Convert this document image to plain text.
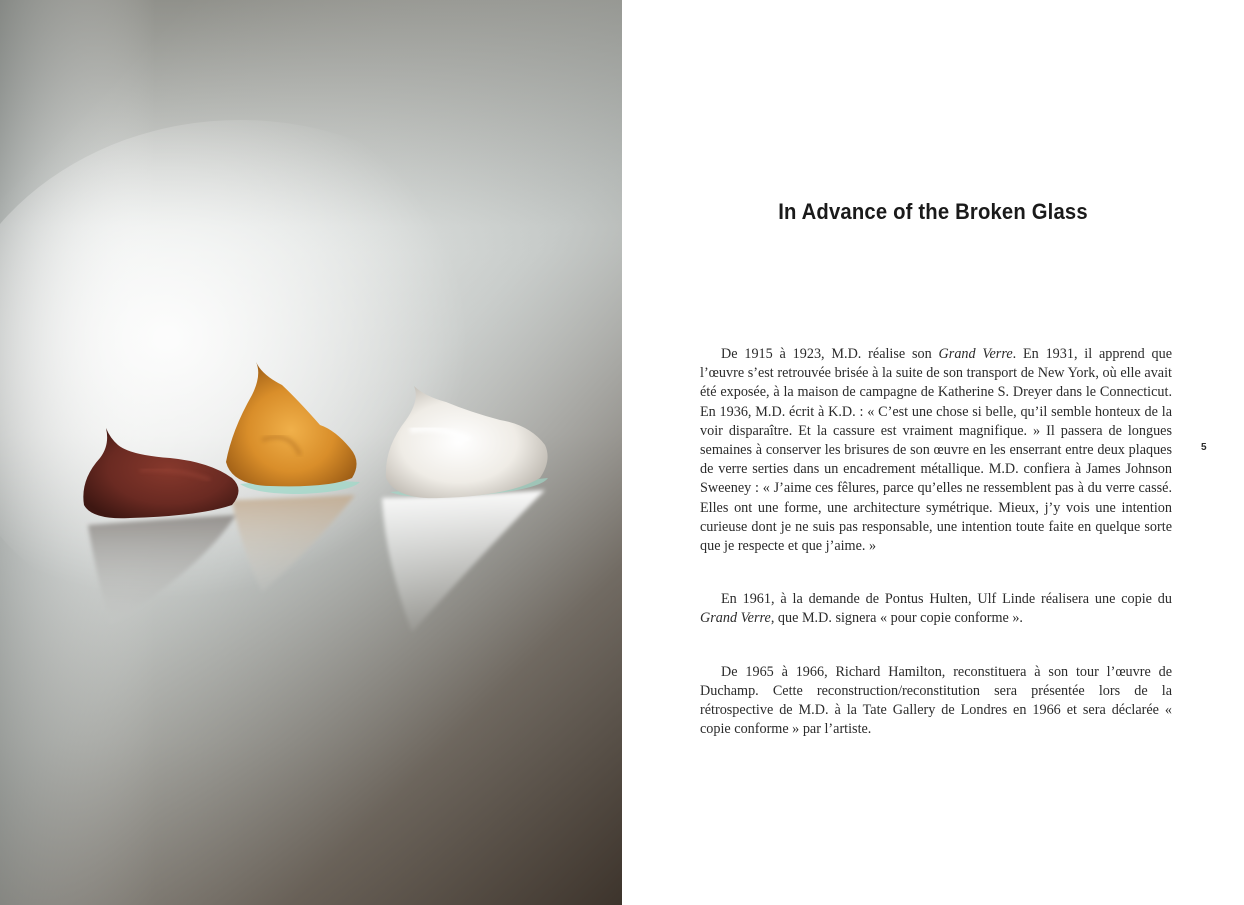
In Advance of the Broken Glass

De 1915 à 1923, M.D. réalise son Grand Verre. En 1931, il apprend que l’œuvre s’est retrouvée brisée à la suite de son transport de New York, où elle avait été exposée, à la maison de campagne de Katherine S. Dreyer dans le Connecticut. En 1936, M.D. écrit à K.D. : « C’est une chose si belle, qu’il semble honteux de la voir disparaître. Et la cassure est vraiment magnifique. » Il passera de longues semaines à conserver les brisures de son œuvre en les enserrant entre deux plaques de verre serties dans un encadrement métallique. M.D. confiera à James Johnson Sweeney : « J’aime ces fêlures, parce qu’elles ne ressemblent pas à du verre cassé. Elles ont une forme, une architecture symétrique. Mieux, j’y vois une intention curieuse dont je ne suis pas responsable, une intention toute faite en quelque sorte que je respecte et que j’aime. »

En 1961, à la demande de Pontus Hulten, Ulf Linde réalisera une copie du Grand Verre, que M.D. signera « pour copie conforme ».

De 1965 à 1966, Richard Hamilton, reconstituera à son tour l’œuvre de Duchamp. Cette reconstruction/reconstitution sera présentée lors de la rétrospective de M.D. à la Tate Gallery de Londres en 1966 et sera déclarée « copie conforme » par l’artiste.

5
